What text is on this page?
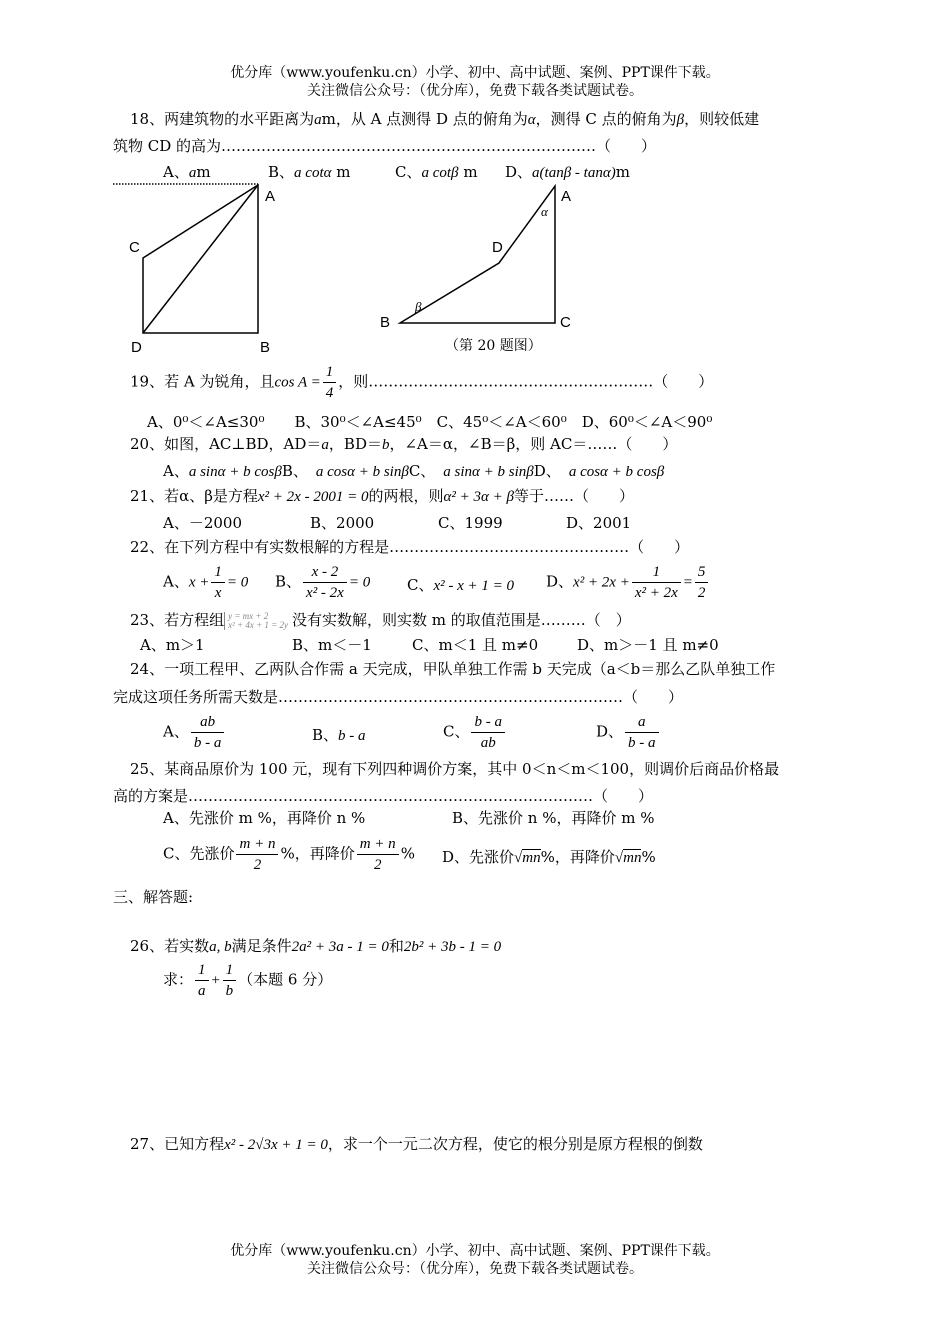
优分库（www.youfenku.cn）小学、初中、高中试题、案例、PPT课件下载。
关注微信公众号：（优分库），免费下载各类试题试卷。
18、两建筑物的水平距离为am，从 A 点测得 D 点的俯角为α，测得 C 点的俯角为β，则较低建
筑物 CD 的高为…………………………………………………………………（　　）
A、am	B、a cotα m	C、a cotβ m D、a(tanβ - tanα)m
A
C
D	B
A
D
B	C
α
β
（第 20 题图）
19、若 A 为锐角，且$\cos A = \frac{1}{4}$ ，则…………………………………………………（　　）
A、0⁰＜∠A≤30⁰　　B、30⁰＜∠A≤45⁰　C、45⁰＜∠A＜60⁰　D、60⁰＜∠A＜90⁰
20、如图，AC⊥BD，AD＝a，BD＝b，∠A＝α，∠B＝β，则 AC＝……（　　）
A、a sinα + b cosβB、 a cosα + b sinβC、 a sinα + b sinβD、 a cosα + b cosβ
21、若α、β是方程x² + 2x - 2001 = 0的两根，则α² + 3α + β等于……（　　）
A、－2000	B、2000	C、1999	D、2001
22、在下列方程中有实数根解的方程是…………………………………………（　　）
A、$x + \frac{1}{x} = 0$ B、 $\frac{x - 2}{\text{x² - 2x}} = 0$ C、x² - x + 1 = 0 D、$x^2 + 2x + \frac{1}{\text{x² + 2x}} = \frac{5}{2}$
23、若方程组 y = mx + 2
x² + 4x + 1 = 2y 没有实数解，则实数 m 的取值范围是………（　）
A、m＞1	B、m＜－1	C、m＜1 且 m≠0	D、m＞－1 且 m≠0
24、一项工程甲、乙两队合作需 a 天完成，甲队单独工作需 b 天完成（a＜b＝那么乙队单独工作
完成这项任务所需天数是……………………………………………………………（　　）
A、 $\frac{ab}{b - a}$	B、b - a	C、 $\frac{b - a}{ab}$	D、 $\frac{a}{b - a}$
25、某商品原价为 100 元，现有下列四种调价方案，其中 0＜n＜m＜100，则调价后商品价格最
高的方案是………………………………………………………………………（　　）
A、先涨价 m %，再降价 n %	B、先涨价 n %，再降价 m %
C、先涨价 $\frac{m + n}{2}$ %，再降价 $\frac{m + n}{2}$ % D、先涨价√mn%，再降价√mn%
三、解答题:
26、若实数a, b满足条件2a² + 3a - 1 = 0和2b² + 3b - 1 = 0
求： $\frac{1}{a} + \frac{1}{b}$ （本题 6 分）
27、已知方程x² - 2√3x + 1 = 0，求一个一元二次方程，使它的根分别是原方程根的倒数
优分库（www.youfenku.cn）小学、初中、高中试题、案例、PPT课件下载。
关注微信公众号：（优分库），免费下载各类试题试卷。
